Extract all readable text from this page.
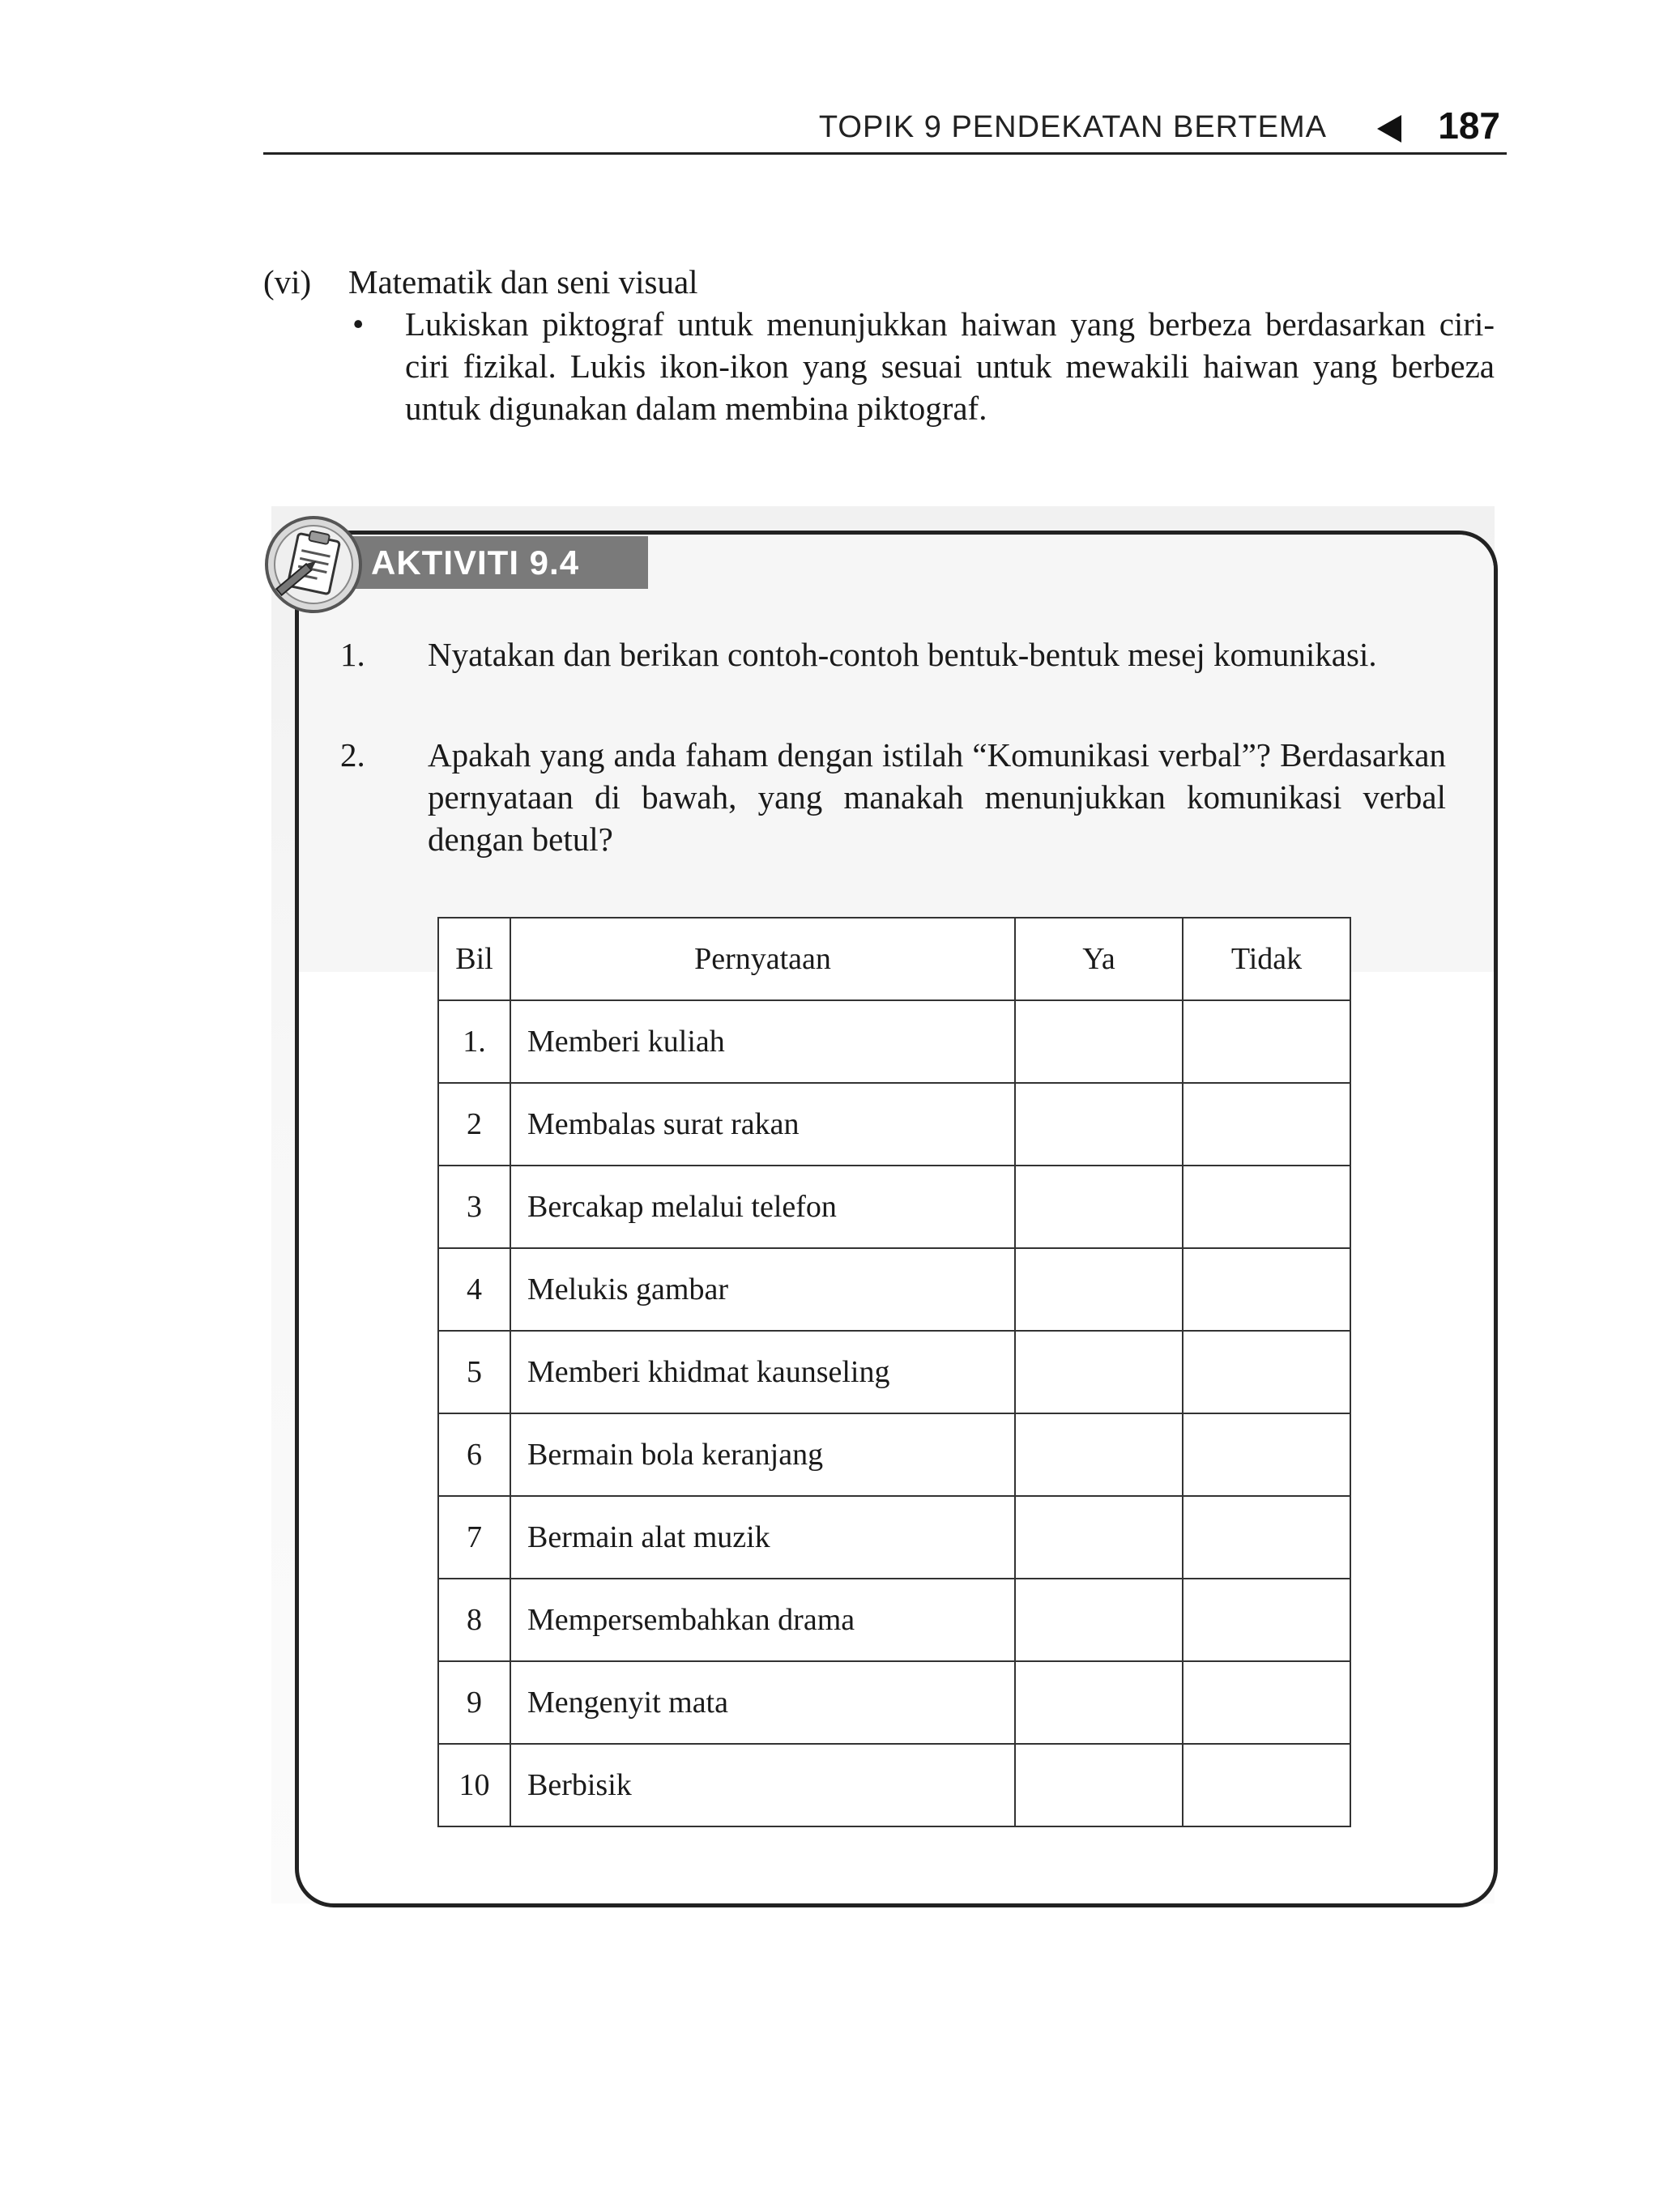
TOPIK 9 PENDEKATAN BERTEMA	187
(vi) Matematik dan seni visual
• Lukiskan piktograf untuk menunjukkan haiwan yang berbeza berdasarkan ciri-ciri fizikal. Lukis ikon-ikon yang sesuai untuk mewakili haiwan yang berbeza untuk digunakan dalam membina piktograf.
AKTIVITI 9.4
1. Nyatakan dan berikan contoh-contoh bentuk-bentuk mesej komunikasi.
2. Apakah yang anda faham dengan istilah “Komunikasi verbal”? Berdasarkan pernyataan di bawah, yang manakah menunjukkan komunikasi verbal dengan betul?
Bil	Pernyataan	Ya	Tidak
1.	Memberi kuliah		
2	Membalas surat rakan		
3	Bercakap melalui telefon		
4	Melukis gambar		
5	Memberi khidmat kaunseling		
6	Bermain bola keranjang		
7	Bermain alat muzik		
8	Mempersembahkan drama		
9	Mengenyit mata		
10	Berbisik		
